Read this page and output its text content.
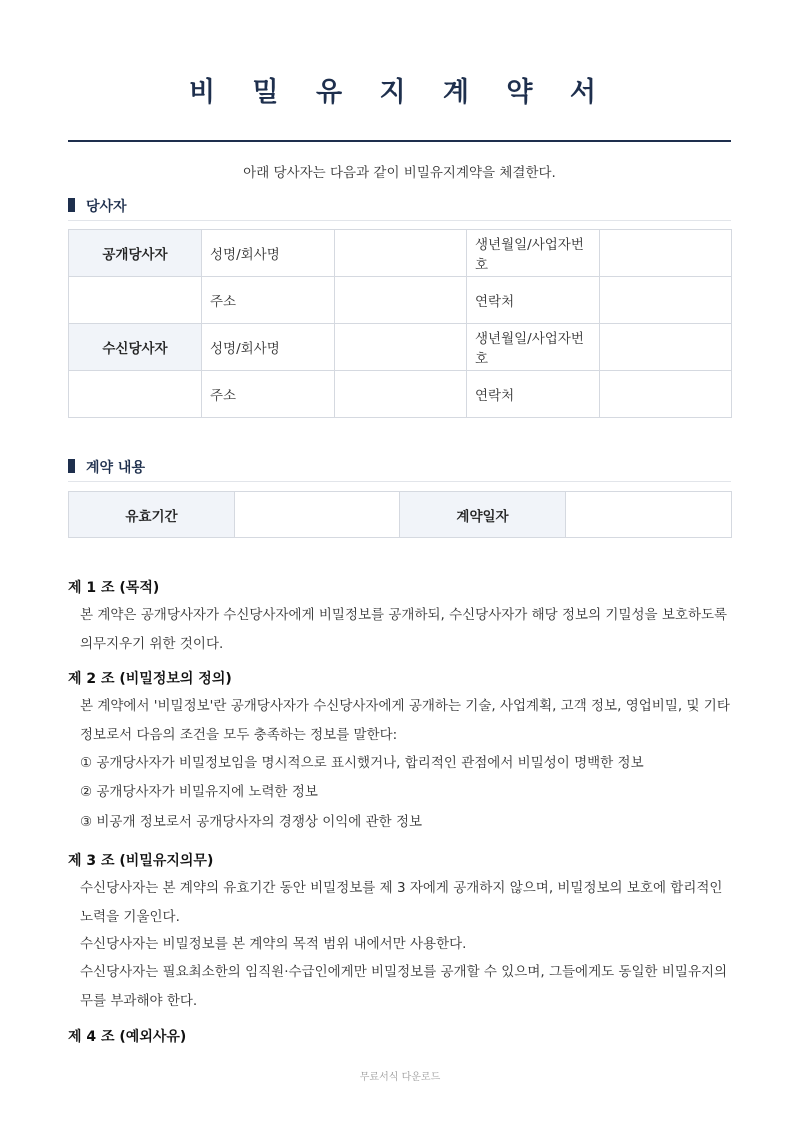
비 밀 유 지 계 약 서
아래 당사자는 다음과 같이 비밀유지계약을 체결한다.
당사자
공개당사자	성명/회사명		생년월일/사업자번호	
	주소		연락처	
수신당사자	성명/회사명		생년월일/사업자번호	
	주소		연락처	
계약 내용
유효기간		계약일자	
제 1 조 (목적)
본 계약은 공개당사자가 수신당사자에게 비밀정보를 공개하되, 수신당사자가 해당 정보의 기밀성을 보호하도록 의무지우기 위한 것이다.
제 2 조 (비밀정보의 정의)
본 계약에서 '비밀정보'란 공개당사자가 수신당사자에게 공개하는 기술, 사업계획, 고객 정보, 영업비밀, 및 기타 정보로서 다음의 조건을 모두 충족하는 정보를 말한다:
① 공개당사자가 비밀정보임을 명시적으로 표시했거나, 합리적인 관점에서 비밀성이 명백한 정보
② 공개당사자가 비밀유지에 노력한 정보
③ 비공개 정보로서 공개당사자의 경쟁상 이익에 관한 정보
제 3 조 (비밀유지의무)
수신당사자는 본 계약의 유효기간 동안 비밀정보를 제 3 자에게 공개하지 않으며, 비밀정보의 보호에 합리적인 노력을 기울인다.
수신당사자는 비밀정보를 본 계약의 목적 범위 내에서만 사용한다.
수신당사자는 필요최소한의 임직원·수급인에게만 비밀정보를 공개할 수 있으며, 그들에게도 동일한 비밀유지의무를 부과해야 한다.
제 4 조 (예외사유)
무료서식 다운로드
